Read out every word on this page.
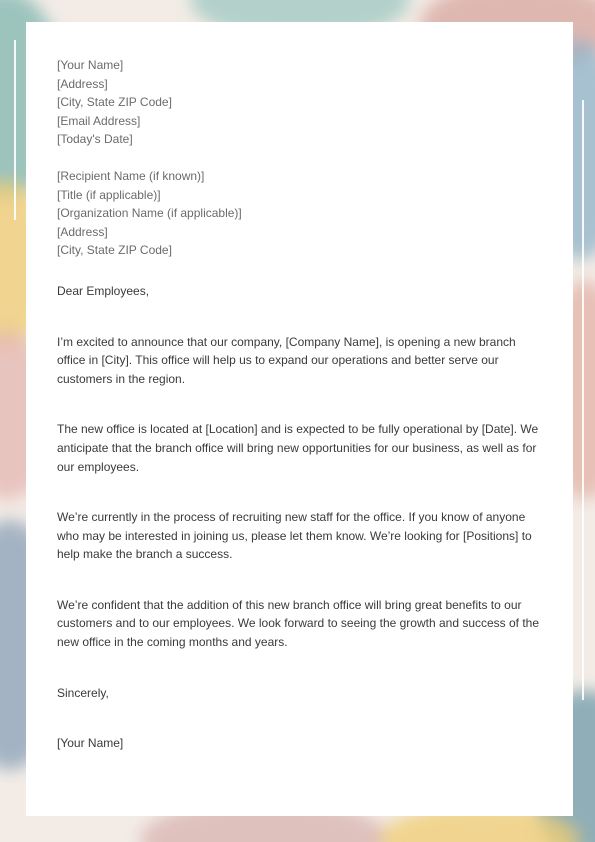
[Your Name]
[Address]
[City, State ZIP Code]
[Email Address]
[Today's Date]
[Recipient Name (if known)]
[Title (if applicable)]
[Organization Name (if applicable)]
[Address]
[City, State ZIP Code]

Dear Employees,

I’m excited to announce that our company, [Company Name], is opening a new branch office in [City]. This office will help us to expand our operations and better serve our customers in the region.

The new office is located at [Location] and is expected to be fully operational by [Date]. We anticipate that the branch office will bring new opportunities for our business, as well as for our employees.

We’re currently in the process of recruiting new staff for the office. If you know of anyone who may be interested in joining us, please let them know. We’re looking for [Positions] to help make the branch a success.

We’re confident that the addition of this new branch office will bring great benefits to our customers and to our employees. We look forward to seeing the growth and success of the new office in the coming months and years.

Sincerely,

[Your Name]
